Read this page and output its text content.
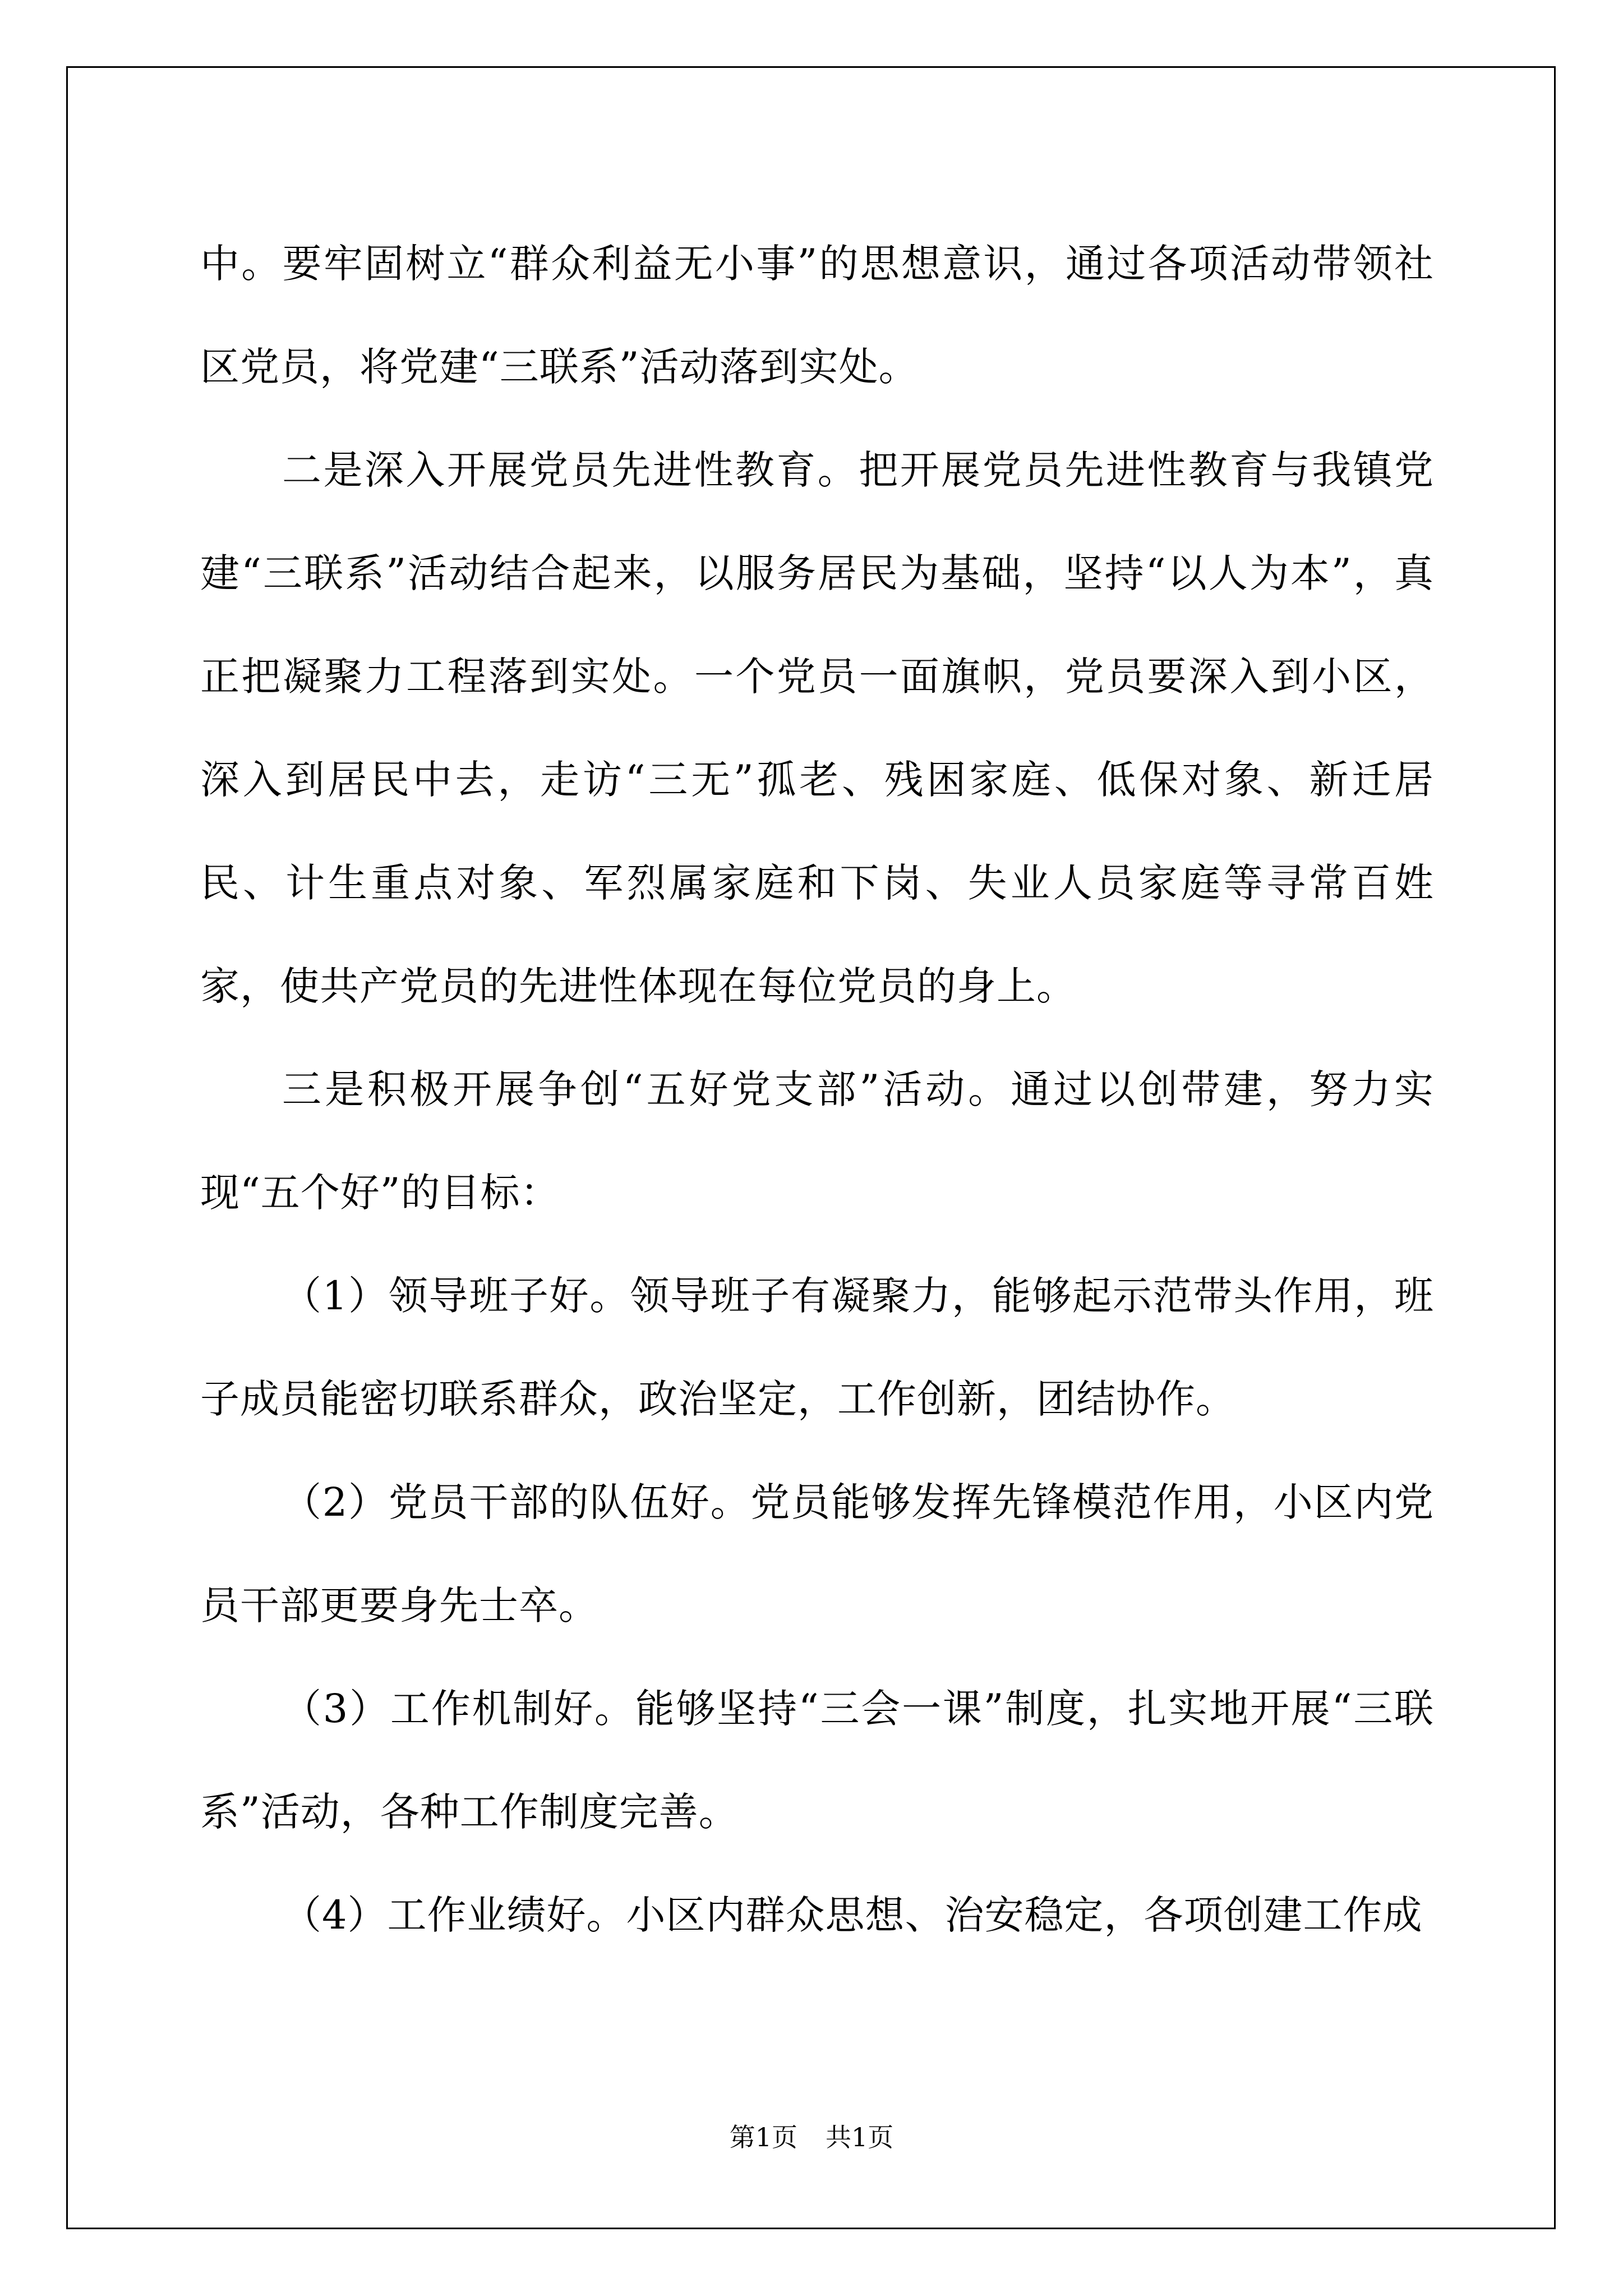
中。要牢固树立“群众利益无小事”的思想意识，通过各项活动带领社区党员，将党建“三联系”活动落到实处。

二是深入开展党员先进性教育。把开展党员先进性教育与我镇党建“三联系”活动结合起来，以服务居民为基础，坚持“以人为本”，真正把凝聚力工程落到实处。一个党员一面旗帜，党员要深入到小区，深入到居民中去，走访“三无”孤老、残困家庭、低保对象、新迁居民、计生重点对象、军烈属家庭和下岗、失业人员家庭等寻常百姓家，使共产党员的先进性体现在每位党员的身上。

三是积极开展争创“五好党支部”活动。通过以创带建，努力实现“五个好”的目标：

（1）领导班子好。领导班子有凝聚力，能够起示范带头作用，班子成员能密切联系群众，政治坚定，工作创新，团结协作。

（2）党员干部的队伍好。党员能够发挥先锋模范作用，小区内党员干部更要身先士卒。

（3）工作机制好。能够坚持“三会一课”制度，扎实地开展“三联系”活动，各种工作制度完善。

（4）工作业绩好。小区内群众思想、治安稳定，各项创建工作成

第1页 共1页
